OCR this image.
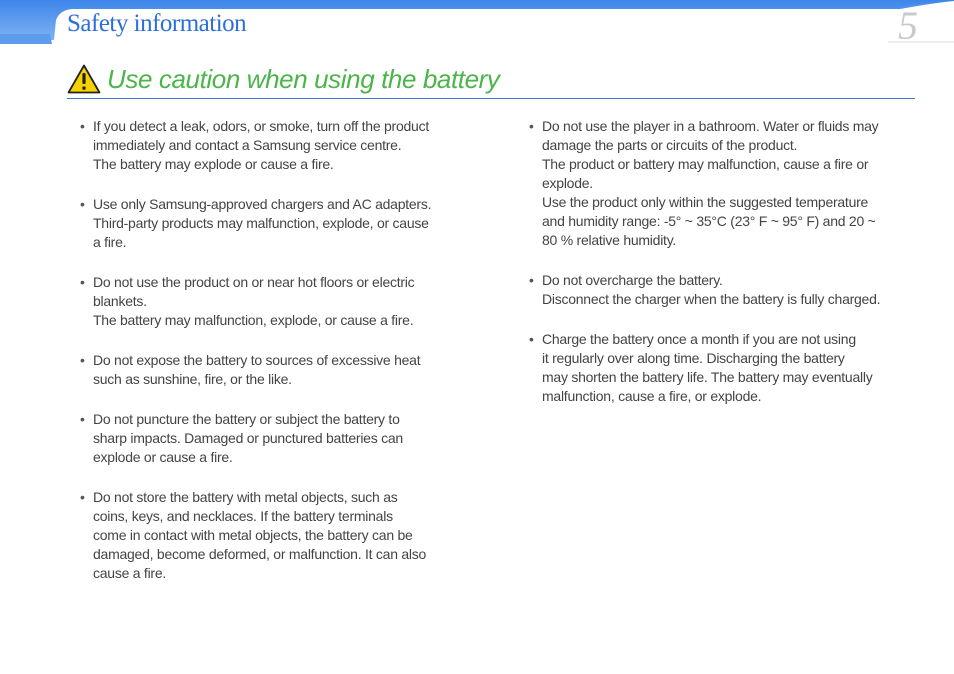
Safety information	5
Use caution when using the battery
• If you detect a leak, odors, or smoke, turn off the product
immediately and contact a Samsung service centre.
The battery may explode or cause a fire.
• Use only Samsung-approved chargers and AC adapters.
Third-party products may malfunction, explode, or cause
a fire.
• Do not use the product on or near hot floors or electric
blankets.
The battery may malfunction, explode, or cause a fire.
• Do not expose the battery to sources of excessive heat
such as sunshine, fire, or the like.
• Do not puncture the battery or subject the battery to
sharp impacts. Damaged or punctured batteries can
explode or cause a fire.
• Do not store the battery with metal objects, such as
coins, keys, and necklaces. If the battery terminals
come in contact with metal objects, the battery can be
damaged, become deformed, or malfunction. It can also
cause a fire.
• Do not use the player in a bathroom. Water or fluids may
damage the parts or circuits of the product.
The product or battery may malfunction, cause a fire or
explode.
Use the product only within the suggested temperature
and humidity range: -5° ~ 35°C (23° F ~ 95° F) and 20 ~
80 % relative humidity.
• Do not overcharge the battery.
Disconnect the charger when the battery is fully charged.
• Charge the battery once a month if you are not using
it regularly over along time. Discharging the battery
may shorten the battery life. The battery may eventually
malfunction, cause a fire, or explode.
